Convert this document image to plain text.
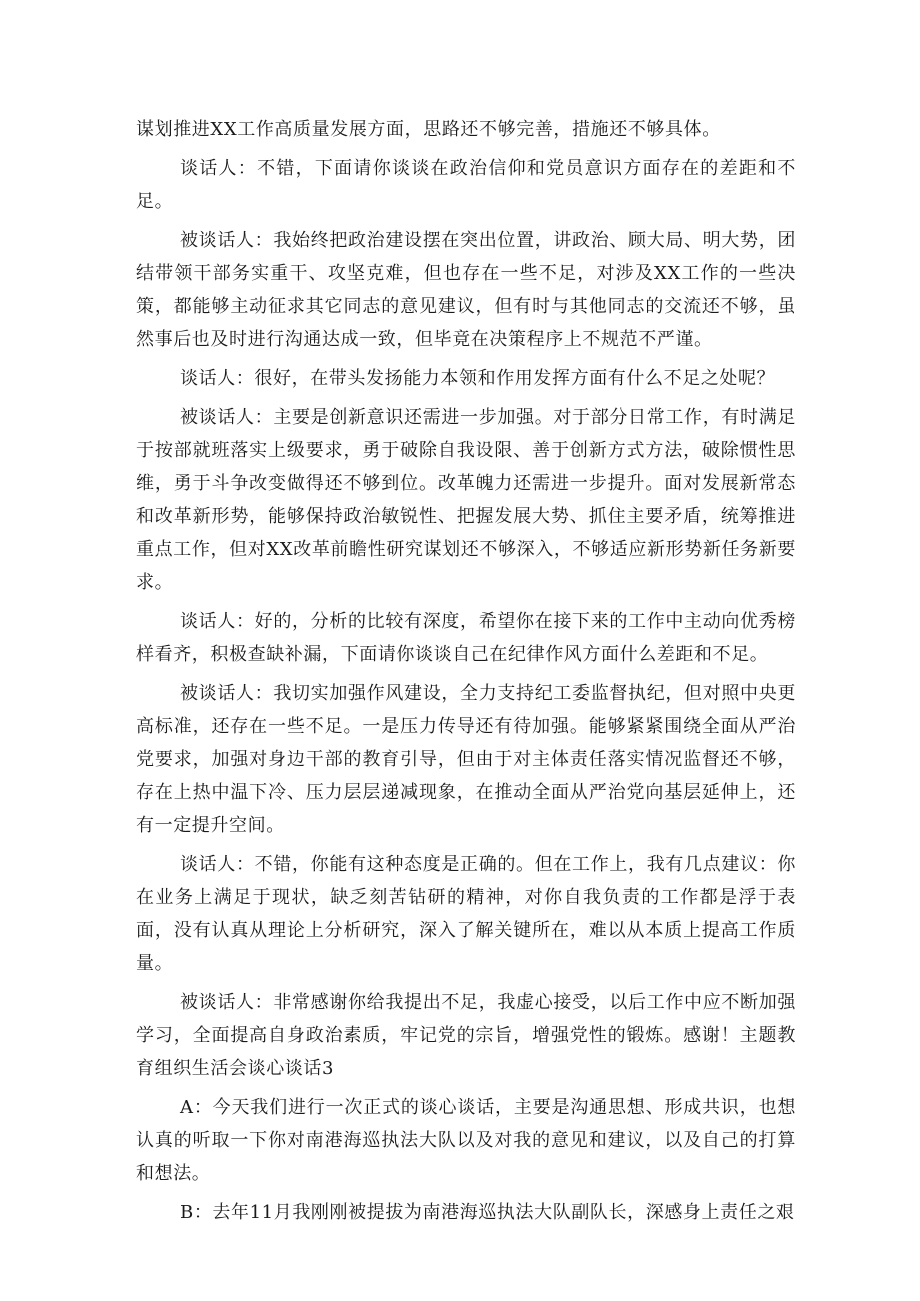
谋划推进XX工作高质量发展方面，思路还不够完善，措施还不够具体。

谈话人：不错，下面请你谈谈在政治信仰和党员意识方面存在的差距和不足。

被谈话人：我始终把政治建设摆在突出位置，讲政治、顾大局、明大势，团结带领干部务实重干、攻坚克难，但也存在一些不足，对涉及XX工作的一些决策，都能够主动征求其它同志的意见建议，但有时与其他同志的交流还不够，虽然事后也及时进行沟通达成一致，但毕竟在决策程序上不规范不严谨。

谈话人：很好，在带头发扬能力本领和作用发挥方面有什么不足之处呢？

被谈话人：主要是创新意识还需进一步加强。对于部分日常工作，有时满足于按部就班落实上级要求，勇于破除自我设限、善于创新方式方法，破除惯性思维，勇于斗争改变做得还不够到位。改革魄力还需进一步提升。面对发展新常态和改革新形势，能够保持政治敏锐性、把握发展大势、抓住主要矛盾，统筹推进重点工作，但对XX改革前瞻性研究谋划还不够深入，不够适应新形势新任务新要求。

谈话人：好的，分析的比较有深度，希望你在接下来的工作中主动向优秀榜样看齐，积极查缺补漏，下面请你谈谈自己在纪律作风方面什么差距和不足。

被谈话人：我切实加强作风建设，全力支持纪工委监督执纪，但对照中央更高标准，还存在一些不足。一是压力传导还有待加强。能够紧紧围绕全面从严治党要求，加强对身边干部的教育引导，但由于对主体责任落实情况监督还不够，存在上热中温下冷、压力层层递减现象，在推动全面从严治党向基层延伸上，还有一定提升空间。

谈话人：不错，你能有这种态度是正确的。但在工作上，我有几点建议：你在业务上满足于现状，缺乏刻苦钻研的精神，对你自我负责的工作都是浮于表面，没有认真从理论上分析研究，深入了解关键所在，难以从本质上提高工作质量。

被谈话人：非常感谢你给我提出不足，我虚心接受，以后工作中应不断加强学习，全面提高自身政治素质，牢记党的宗旨，增强党性的锻炼。感谢！主题教育组织生活会谈心谈话3

A：今天我们进行一次正式的谈心谈话，主要是沟通思想、形成共识，也想认真的听取一下你对南港海巡执法大队以及对我的意见和建议，以及自己的打算和想法。

B：去年11月我刚刚被提拔为南港海巡执法大队副队长，深感身上责任之艰
